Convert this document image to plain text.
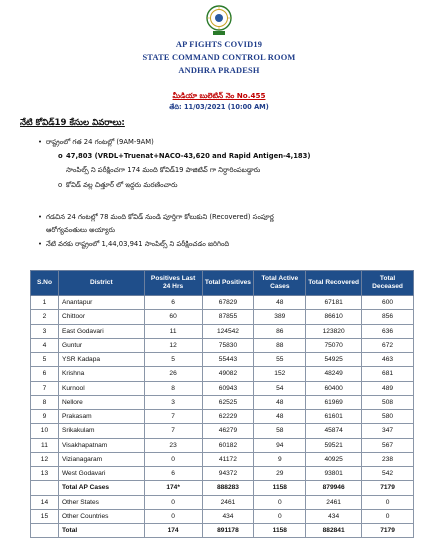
AP FIGHTS COVID19
STATE COMMAND CONTROL ROOM
ANDHRA PRADESH
మీడియా బులెటిన్ నెం No.455
తేది: 11/03/2021 (10:00 AM)
నేటి కోవిడ్19 కేసుల వివరాలు:
• రాష్ట్రంలో గత 24 గంటల్లో (9AM-9AM)
o 47,803 (VRDL+Truenat+NACO-43,620 and Rapid Antigen-4,183)
సాంపిల్స్ ని పరీక్షించగా 174 మంది కోవిడ్19 పాజిటివ్ గా నిర్ధారింపబడ్డారు
o కోవిడ్ వల్ల చిత్తూర్ లో ఇద్దరు మరణించారు
• గడచిన 24 గంటల్లో 78 మంది కోవిడ్ నుండి పూర్తిగా కోలుకుని (Recovered) సంపూర్ణ
ఆరోగ్యవంతులు అయ్యారు
• నేటి వరకు రాష్ట్రంలో 1,44,03,941 సాంపిల్స్ ని పరీక్షించడం జరిగింది
S.No	District	Positives Last 24 Hrs	Total Positives	Total Active Cases	Total Recovered	Total Deceased
1	Anantapur	6	67829	48	67181	600
2	Chittoor	60	87855	389	86610	856
3	East Godavari	11	124542	86	123820	636
4	Guntur	12	75830	88	75070	672
5	YSR Kadapa	5	55443	55	54925	463
6	Krishna	26	49082	152	48249	681
7	Kurnool	8	60943	54	60400	489
8	Nellore	3	62525	48	61969	508
9	Prakasam	7	62229	48	61601	580
10	Srikakulam	7	46279	58	45874	347
11	Visakhapatnam	23	60182	94	59521	567
12	Vizianagaram	0	41172	9	40925	238
13	West Godavari	6	94372	29	93801	542
	Total AP Cases	174*	888283	1158	879946	7179
14	Other States	0	2461	0	2461	0
15	Other Countries	0	434	0	434	0
	Total	174	891178	1158	882841	7179
